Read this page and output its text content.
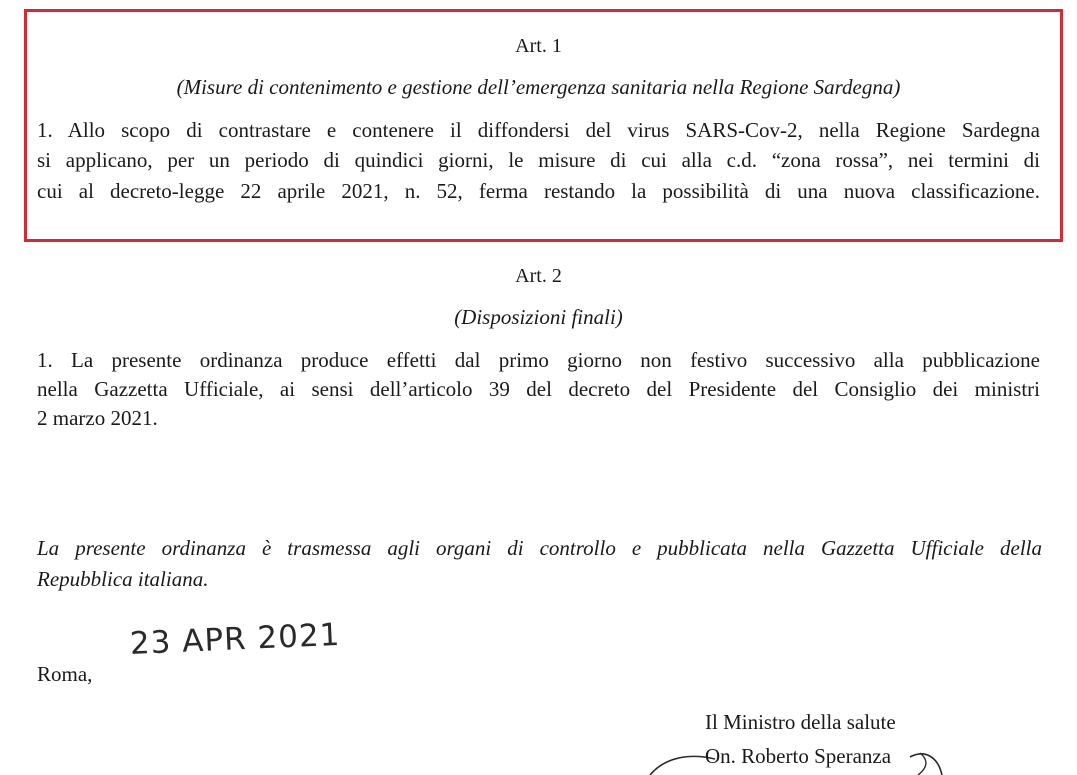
Art. 1
(Misure di contenimento e gestione dell’emergenza sanitaria nella Regione Sardegna)
1. Allo scopo di contrastare e contenere il diffondersi del virus SARS-Cov-2, nella Regione Sardegna
si applicano, per un periodo di quindici giorni, le misure di cui alla c.d. “zona rossa”, nei termini di
cui al decreto-legge 22 aprile 2021, n. 52, ferma restando la possibilità di una nuova classificazione.
Art. 2
(Disposizioni finali)
1. La presente ordinanza produce effetti dal primo giorno non festivo successivo alla pubblicazione
nella Gazzetta Ufficiale, ai sensi dell’articolo 39 del decreto del Presidente del Consiglio dei ministri
2 marzo 2021.
La presente ordinanza è trasmessa agli organi di controllo e pubblicata nella Gazzetta Ufficiale della
Repubblica italiana.
Roma,
23 APR 2021
Il Ministro della salute
On. Roberto Speranza
